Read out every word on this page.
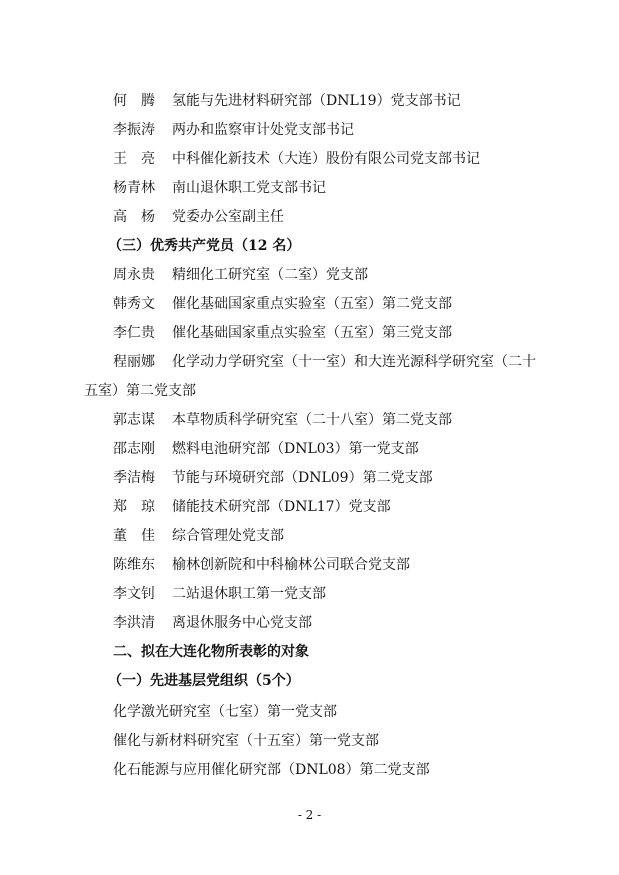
何　腾	氢能与先进材料研究部（DNL19）党支部书记
李振涛	两办和监察审计处党支部书记
王　亮	中科催化新技术（大连）股份有限公司党支部书记
杨青林	南山退休职工党支部书记
高　杨	党委办公室副主任
（三）优秀共产党员（12 名）
周永贵	精细化工研究室（二室）党支部
韩秀文	催化基础国家重点实验室（五室）第二党支部
李仁贵	催化基础国家重点实验室（五室）第三党支部
程丽娜	化学动力学研究室（十一室）和大连光源科学研究室（二十
五室）第二党支部
郭志谋	本草物质科学研究室（二十八室）第二党支部
邵志刚	燃料电池研究部（DNL03）第一党支部
季洁梅	节能与环境研究部（DNL09）第二党支部
郑　琼	储能技术研究部（DNL17）党支部
董　佳	综合管理处党支部
陈维东	榆林创新院和中科榆林公司联合党支部
李文钊	二站退休职工第一党支部
李洪清	离退休服务中心党支部
二、拟在大连化物所表彰的对象
（一）先进基层党组织（5个）
化学激光研究室（七室）第一党支部
催化与新材料研究室（十五室）第一党支部
化石能源与应用催化研究部（DNL08）第二党支部
- 2 -
